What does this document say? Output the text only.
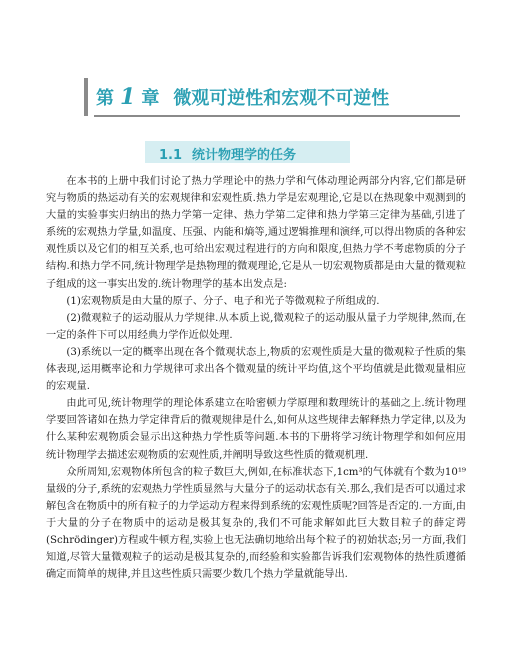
第 1 章 微观可逆性和宏观不可逆性
1.1 统计物理学的任务

在本书的上册中我们讨论了热力学理论中的热力学和气体动理论两部分内容,它们都是研究与物质的热运动有关的宏观规律和宏观性质.热力学是宏观理论,它是以在热现象中观测到的大量的实验事实归纳出的热力学第一定律、热力学第二定律和热力学第三定律为基础,引进了系统的宏观热力学量,如温度、压强、内能和熵等,通过逻辑推理和演绎,可以得出物质的各种宏观性质以及它们的相互关系,也可给出宏观过程进行的方向和限度,但热力学不考虑物质的分子结构.和热力学不同,统计物理学是热物理的微观理论,它是从一切宏观物质都是由大量的微观粒子组成的这一事实出发的.统计物理学的基本出发点是:

(1)宏观物质是由大量的原子、分子、电子和光子等微观粒子所组成的.

(2)微观粒子的运动服从力学规律.从本质上说,微观粒子的运动服从量子力学规律,然而,在一定的条件下可以用经典力学作近似处理.

(3)系统以一定的概率出现在各个微观状态上,物质的宏观性质是大量的微观粒子性质的集体表现,运用概率论和力学规律可求出各个微观量的统计平均值,这个平均值就是此微观量相应的宏观量.

由此可见,统计物理学的理论体系建立在哈密顿力学原理和数理统计的基础之上.统计物理学要回答诸如在热力学定律背后的微观规律是什么,如何从这些规律去解释热力学定律,以及为什么某种宏观物质会显示出这种热力学性质等问题.本书的下册将学习统计物理学和如何应用统计物理学去描述宏观物质的宏观性质,并阐明导致这些性质的微观机理.

众所周知,宏观物体所包含的粒子数巨大,例如,在标准状态下,1cm³的气体就有个数为10¹⁹量级的分子,系统的宏观热力学性质显然与大量分子的运动状态有关.那么,我们是否可以通过求解包含在物质中的所有粒子的力学运动方程来得到系统的宏观性质呢?回答是否定的.一方面,由于大量的分子在物质中的运动是极其复杂的,我们不可能求解如此巨大数目粒子的薛定谔(Schrödinger)方程或牛顿方程,实验上也无法确切地给出每个粒子的初始状态;另一方面,我们知道,尽管大量微观粒子的运动是极其复杂的,而经验和实验都告诉我们宏观物体的热性质遵循确定而简单的规律,并且这些性质只需要少数几个热力学量就能导出.
